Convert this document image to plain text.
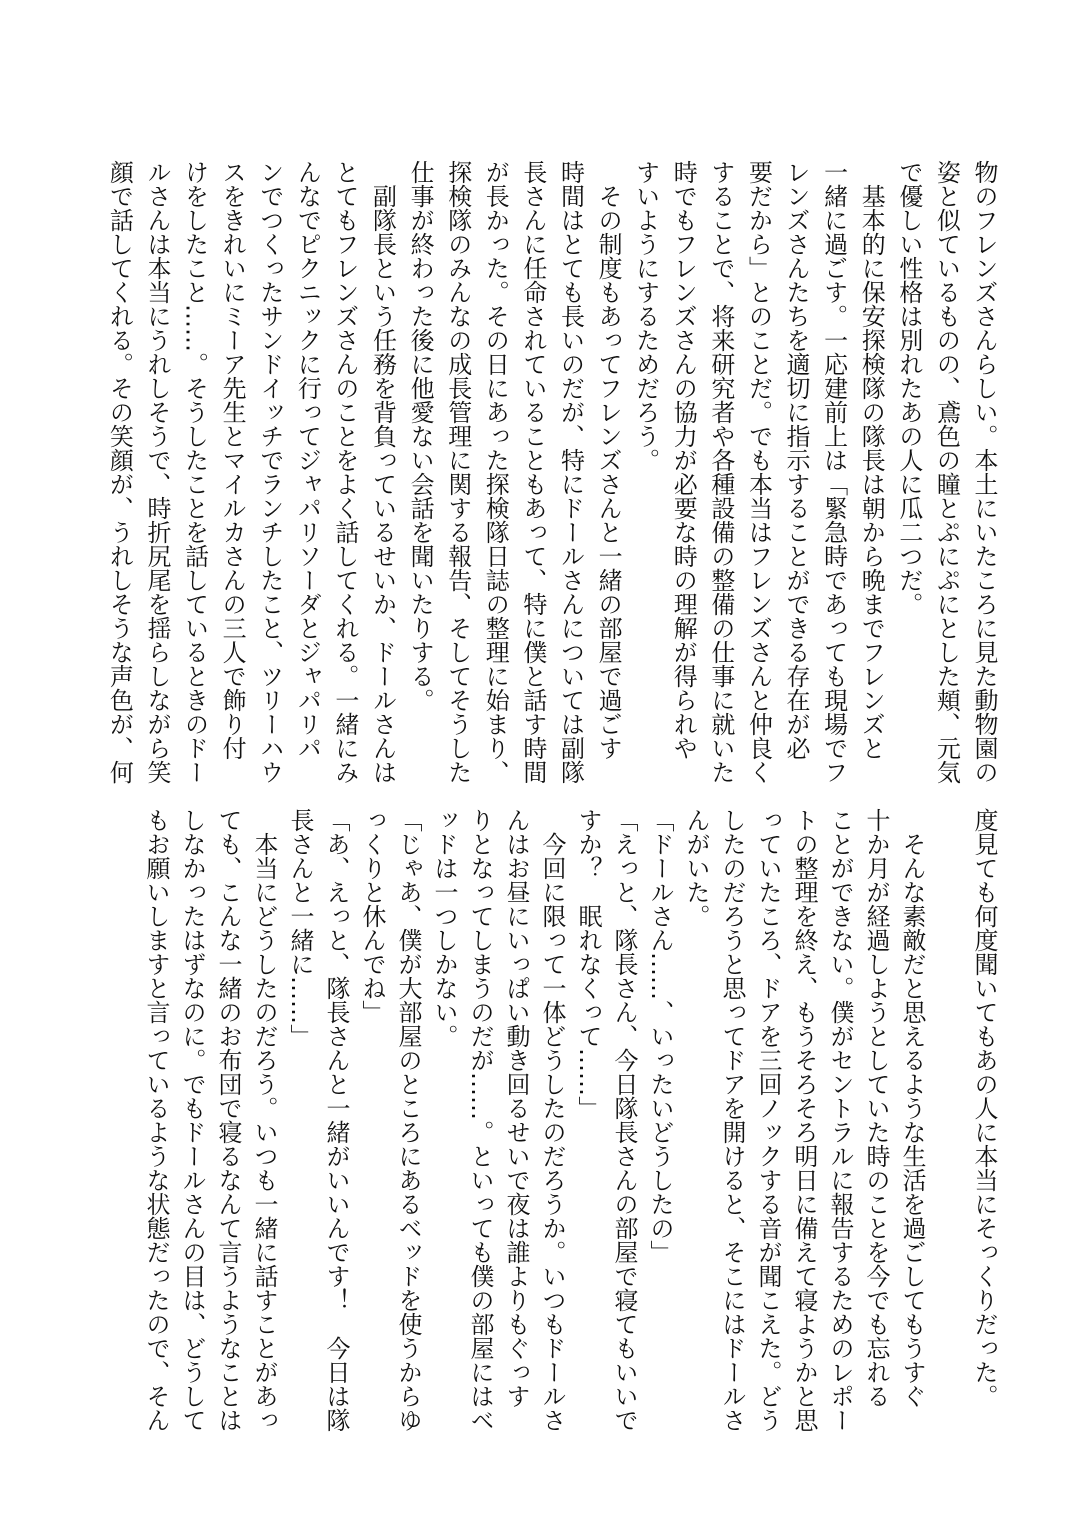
物のフレンズさんらしい。本土にいたころに見た動物園の
姿と似ているものの、鳶色の瞳とぷにぷにとした頬、元気
で優しい性格は別れたあの人に瓜二つだ。
　基本的に保安探検隊の隊長は朝から晩までフレンズと
一緒に過ごす。一応建前上は「緊急時であっても現場でフ
レンズさんたちを適切に指示することができる存在が必
要だから」とのことだ。でも本当はフレンズさんと仲良く
することで、将来研究者や各種設備の整備の仕事に就いた
時でもフレンズさんの協力が必要な時の理解が得られや
すいようにするためだろう。
　その制度もあってフレンズさんと一緒の部屋で過ごす
時間はとても長いのだが、特にドールさんについては副隊
長さんに任命されていることもあって、特に僕と話す時間
が長かった。その日にあった探検隊日誌の整理に始まり、
探検隊のみんなの成長管理に関する報告、そしてそうした
仕事が終わった後に他愛ない会話を聞いたりする。
　副隊長という任務を背負っているせいか、ドールさんは
とてもフレンズさんのことをよく話してくれる。一緒にみ
んなでピクニックに行ってジャパリソーダとジャパリパ
ンでつくったサンドイッチでランチしたこと、ツリーハウ
スをきれいにミーア先生とマイルカさんの三人で飾り付
けをしたこと……。そうしたことを話しているときのドー
ルさんは本当にうれしそうで、時折尻尾を揺らしながら笑
顔で話してくれる。その笑顔が、うれしそうな声色が、何
度見ても何度聞いてもあの人に本当にそっくりだった。
　そんな素敵だと思えるような生活を過ごしてもうすぐ
十か月が経過しようとしていた時のことを今でも忘れる
ことができない。僕がセントラルに報告するためのレポー
トの整理を終え、もうそろそろ明日に備えて寝ようかと思
っていたころ、ドアを三回ノックする音が聞こえた。どう
したのだろうと思ってドアを開けると、そこにはドールさ
んがいた。
「ドールさん……、いったいどうしたの」
「えっと、隊長さん、今日隊長さんの部屋で寝てもいいで
すか？　眠れなくって……」
　今回に限って一体どうしたのだろうか。いつもドールさ
んはお昼にいっぱい動き回るせいで夜は誰よりもぐっす
りとなってしまうのだが……。といっても僕の部屋にはベ
ッドは一つしかない。
「じゃあ、僕が大部屋のところにあるベッドを使うからゆ
っくりと休んでね」
「あ、えっと、隊長さんと一緒がいいんです！　今日は隊
長さんと一緒に……」
　本当にどうしたのだろう。いつも一緒に話すことがあっ
ても、こんな一緒のお布団で寝るなんて言うようなことは
しなかったはずなのに。でもドールさんの目は、どうして
もお願いしますと言っているような状態だったので、そん
